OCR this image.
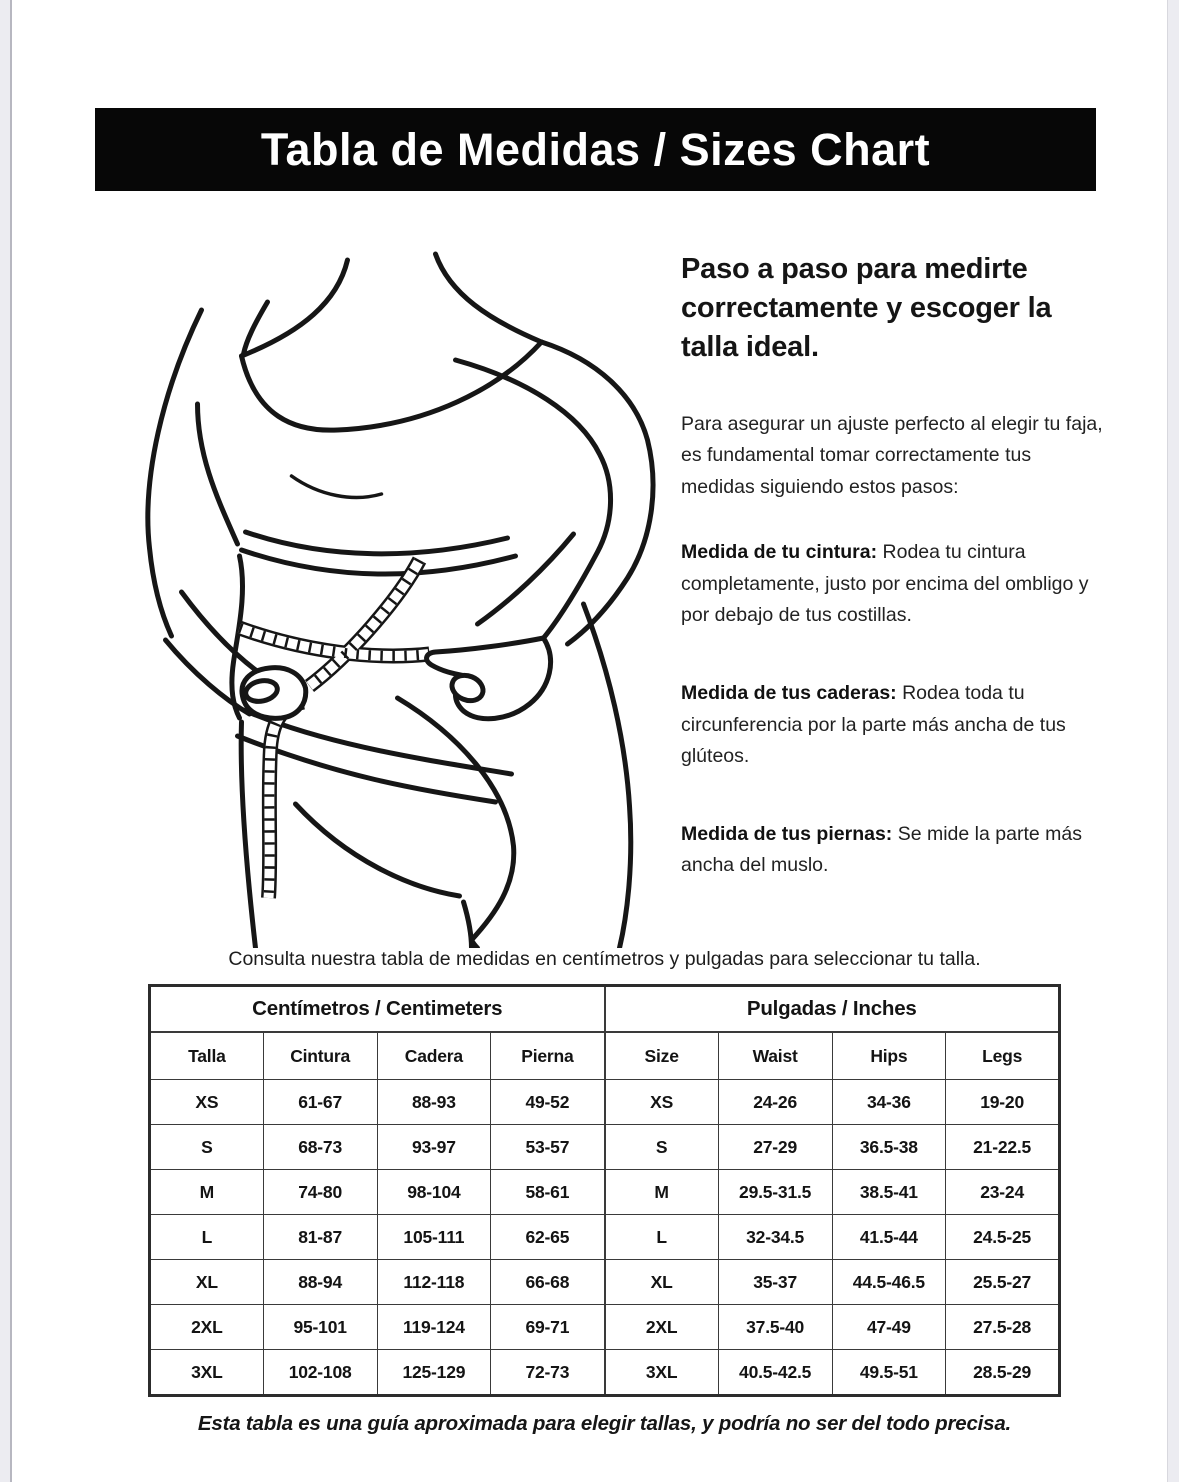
Tabla de Medidas / Sizes Chart
Paso a paso para medirte correctamente y escoger la talla ideal.

Para asegurar un ajuste perfecto al elegir tu faja, es fundamental tomar correctamente tus medidas siguiendo estos pasos:

Medida de tu cintura: Rodea tu cintura completamente, justo por encima del ombligo y por debajo de tus costillas.

Medida de tus caderas: Rodea toda tu circunferencia por la parte más ancha de tus glúteos.

Medida de tus piernas: Se mide la parte más ancha del muslo.

Consulta nuestra tabla de medidas en centímetros y pulgadas para seleccionar tu talla.
Centímetros / Centimeters				Pulgadas / Inches			
Talla	Cintura	Cadera	Pierna	Size	Waist	Hips	Legs
XS	61-67	88-93	49-52	XS	24-26	34-36	19-20
S	68-73	93-97	53-57	S	27-29	36.5-38	21-22.5
M	74-80	98-104	58-61	M	29.5-31.5	38.5-41	23-24
L	81-87	105-111	62-65	L	32-34.5	41.5-44	24.5-25
XL	88-94	112-118	66-68	XL	35-37	44.5-46.5	25.5-27
2XL	95-101	119-124	69-71	2XL	37.5-40	47-49	27.5-28
3XL	102-108	125-129	72-73	3XL	40.5-42.5	49.5-51	28.5-29
Esta tabla es una guía aproximada para elegir tallas, y podría no ser del todo precisa.
